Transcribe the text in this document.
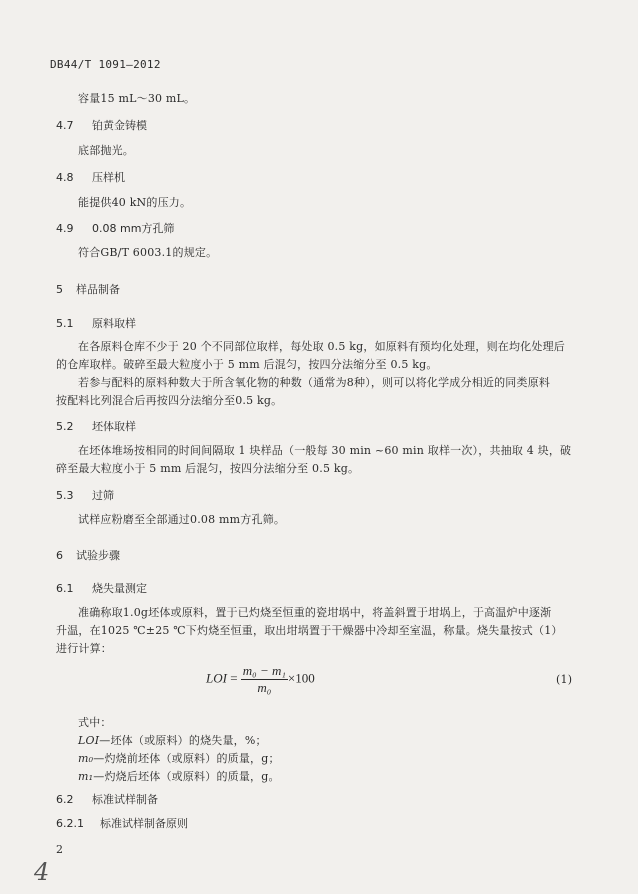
DB44/T 1091—2012
容量15 mL～30 mL。
4.7 铂黄金铸模
底部抛光。
4.8 压样机
能提供40 kN的压力。
4.9 0.08 mm方孔筛
符合GB/T 6003.1的规定。
5 样品制备
5.1 原料取样
在各原料仓库不少于 20 个不同部位取样，每处取 0.5 kg，如原料有预均化处理，则在均化处理后
的仓库取样。破碎至最大粒度小于 5 mm 后混匀，按四分法缩分至 0.5 kg。
若参与配料的原料种数大于所含氧化物的种数（通常为8种），则可以将化学成分相近的同类原料
按配料比列混合后再按四分法缩分至0.5 kg。
5.2 坯体取样
在坯体堆场按相同的时间间隔取 1 块样品（一般每 30 min ~60 min 取样一次），共抽取 4 块，破
碎至最大粒度小于 5 mm 后混匀，按四分法缩分至 0.5 kg。
5.3 过筛
试样应粉磨至全部通过0.08 mm方孔筛。
6 试验步骤
6.1 烧失量测定
准确称取1.0g坯体或原料，置于已灼烧至恒重的瓷坩埚中，将盖斜置于坩埚上，于高温炉中逐渐
升温，在1025 ℃±25 ℃下灼烧至恒重，取出坩埚置于干燥器中冷却至室温，称量。烧失量按式（1）
进行计算：
LOI = $\frac{\text{m₀ − m₁}}{\text{m₀}} \times 100$	(1)
式中：
LOI—坯体（或原料）的烧失量，%；
m₀—灼烧前坯体（或原料）的质量，g；
m₁—灼烧后坯体（或原料）的质量，g。
6.2 标准试样制备
6.2.1 标准试样制备原则
2
4
